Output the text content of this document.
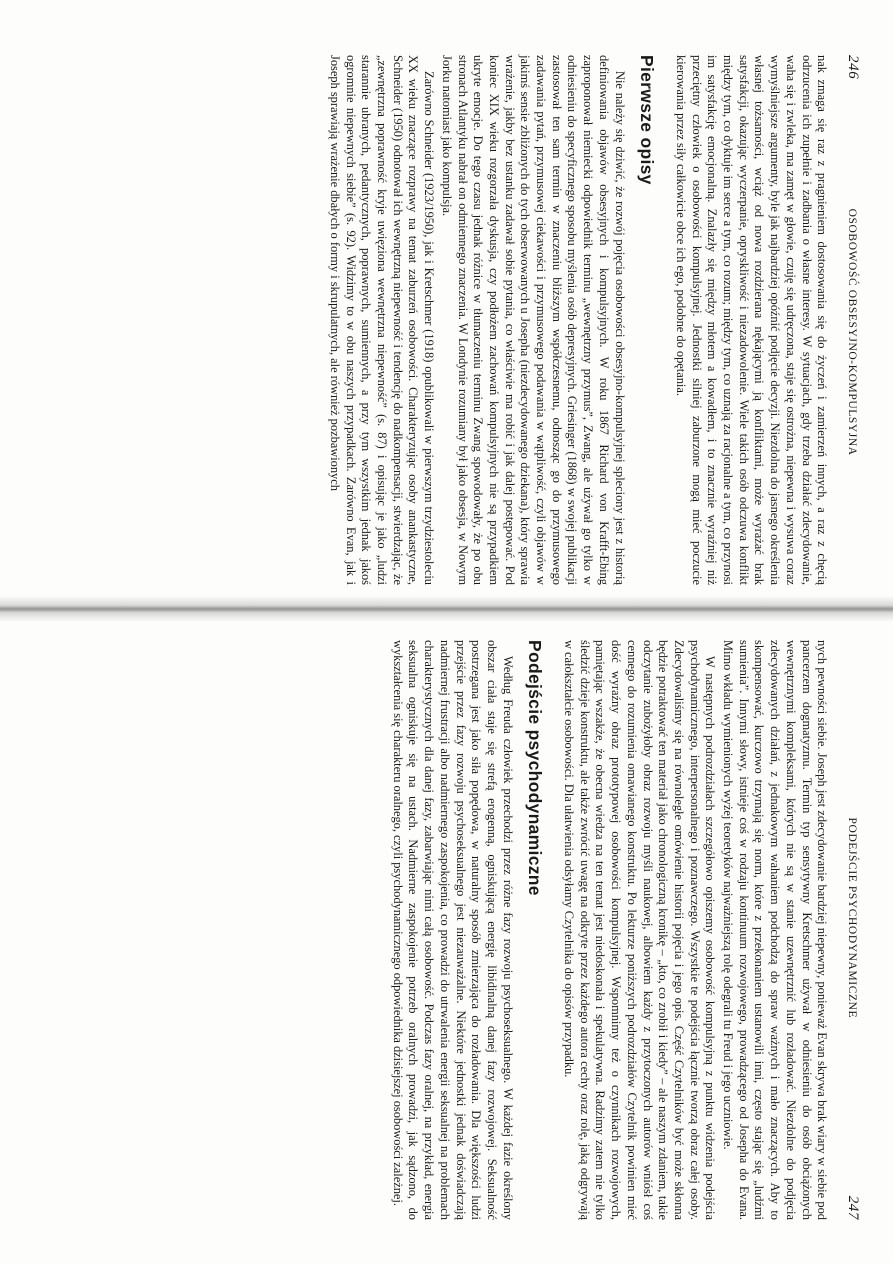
246
OSOBOWOŚĆ OBSESYJNO-KOMPULSYJNA

nak zmaga się raz z pragnieniem dostosowania się do życzeń i zamierzeń innych, a raz z chęcią odrzucenia ich zupełnie i zadbania o własne interesy. W sytuacjach, gdy trzeba działać zdecydowanie, waha się i zwleka, ma zamęt w głowie, czuję się udręczona, staje się ostrożna, niepewna i wysuwa coraz wymyślniejsze argumenty, byle jak najbardziej opóźnić podjęcie decyzji. Niezdolna do jasnego określenia własnej tożsamości, wciąż od nowa rozdzierana nękającymi ją konfliktami, może wyrażać brak satysfakcji, okazując wyczerpanie, opryskliwość i niezadowolenie. Wiele takich osób odczuwa konflikt między tym, co dyktuje im serce a tym, co rozum; między tym, co uznają za racjonalne a tym, co przynosi im satysfakcję emocjonalną. Znalazły się między młotem a kowadłem, i to znacznie wyraźniej niż przeciętny człowiek o osobowości kompulsyjnej. Jednostki silniej zaburzone mogą mieć poczucie kierowania przez siły całkowicie obce ich ego, podobne do opętania.

Pierwsze opisy

Nie należy się dziwić, że rozwój pojęcia osobowości obsesyjno-kompulsyjnej spleciony jest z historią definiowania objawów obsesyjnych i kompulsyjnych. W roku 1867 Richard von Krafft-Ebing zaproponował niemiecki odpowiednik terminu „wewnętrzny przymus”, Zwang, ale używał go tylko w odniesieniu do specyficznego sposobu myślenia osób depresyjnych. Griesinger (1868) w swojej publikacji zastosował ten sam termin w znaczeniu bliższym współczesnemu, odnosząc go do przymusowego zadawania pytań, przymusowej ciekawości i przymusowego podawania w wątpliwość, czyli objawów w jakimś sensie zbliżonych do tych obserwowanych u Josepha (niezdecydowanego dziekana), który sprawia wrażenie, jakby bez ustanku zadawał sobie pytania, co właściwie ma robić i jak dalej postępować. Pod koniec XIX wieku rozgorzała dyskusja, czy podłożem zachowań kompulsyjnych nie są przypadkiem ukryte emocje. Do tego czasu jednak różnice w tłumaczeniu terminu Zwang spowodowały, że po obu stronach Atlantyku nabrał on odmiennego znaczenia. W Londynie rozumiany był jako obsesja, w Nowym Jorku natomiast jako kompulsja.

Zarówno Schneider (1923/1950), jak i Kretschmer (1918) opublikowali w pierwszym trzydziestoleciu XX wieku znaczące rozprawy na temat zaburzeń osobowości. Charakteryzując osoby anankastyczne, Schneider (1950) odnotował ich wewnętrzną niepewność i tendencję do nadkompensacji, stwierdzając, że „zewnętrzna poprawność kryje uwięziona wewnętrzna niepewność” (s. 87) i opisując je jako „ludzi starannie ubranych, pedantycznych, poprawnych, sumiennych, a przy tym wszystkim jednak jakoś ogromnie niepewnych siebie” (s. 92). Widzimy to w obu naszych przypadkach. Zarówno Evan, jak i Joseph sprawiają wrażenie dbałych o formy i skrupulatnych, ale również pozbawionych

PODEJŚCIE PSYCHODYNAMICZNE
247

nych pewności siebie. Joseph jest zdecydowanie bardziej niepewny, ponieważ Evan skrywa brak wiary w siebie pod pancerzem dogmatyzmu. Termin typ sensytywny Kretschmer używał w odniesieniu do osób obciążonych wewnętrznymi kompleksami, których nie są w stanie uzewnętrznić lub rozładować. Niezdolne do podjęcia zdecydowanych działań, z jednakowym wahaniem podchodzą do spraw ważnych i mało znaczących. Aby to skompensować, kurczowo trzymają się norm, które z przekonaniem ustanowili inni, często stając się „ludźmi sumienia”. Innymi słowy, istnieje coś w rodzaju kontinuum rozwojowego, prowadzącego od Josepha do Evana. Mimo wkładu wymienionych wyżej teoretyków najważniejszą rolę odegrali tu Freud i jego uczniowie.

W następnych podrozdziałach szczegółowo opiszemy osobowość kompulsyjną z punktu widzenia podejścia psychodynamicznego, interpersonalnego i poznawczego. Wszystkie te podejścia łącznie tworzą obraz całej osoby. Zdecydowaliśmy się na równoległe omówienie historii pojęcia i jego opis. Część Czytelników być może skłonna będzie potraktować ten materiał jako chronologiczną kronikę – „kto, co zrobił i kiedy” – ale naszym zdaniem, takie odczytanie zubożyłoby obraz rozwoju myśli naukowej, albowiem każdy z przytoczonych autorów wniósł coś cennego do rozumienia omawianego konstruktu. Po lekturze poniższych podrozdziałów Czytelnik powinien mieć dość wyraźny obraz prototypowej osobowości kompulsyjnej. Wspomnimy też o czynnikach rozwojowych, pamiętając wszakże, że obecna wiedza na ten temat jest niedoskonała i spekulatywna. Radzimy zatem nie tylko śledzić dzieje konstruktu, ale także zwrócić uwagę na odkryte przez każdego autora cechy oraz rolę, jaką odgrywają w całokształcie osobowości. Dla ułatwienia odsyłamy Czytelnika do opisów przypadku.

Podejście psychodynamiczne

Według Freuda człowiek przechodzi przez różne fazy rozwoju psychoseksualnego. W każdej fazie określony obszar ciała staje się strefą erogenną, ogniskującą energię libidinalną danej fazy rozwojowej. Seksualność postrzegana jest jako siła popędowa, w naturalny sposób zmierzająca do rozładowania. Dla większości ludzi przejście przez fazy rozwoju psychoseksualnego jest niezauważalne. Niektóre jednostki jednak doświadczają nadmiernej frustracji albo nadmiernego zaspokojenia, co prowadzi do utrwalenia energii seksualnej na problemach charakterystycznych dla danej fazy, zabarwiając nimi całą osobowość. Podczas fazy oralnej, na przykład, energia seksualna ogniskuje się na ustach. Nadmierne zaspokojenie potrzeb oralnych prowadzi, jak sądzono, do wykształcenia się charakteru oralnego, czyli psychodynamicznego odpowiednika dzisiejszej osobowości zależnej.
